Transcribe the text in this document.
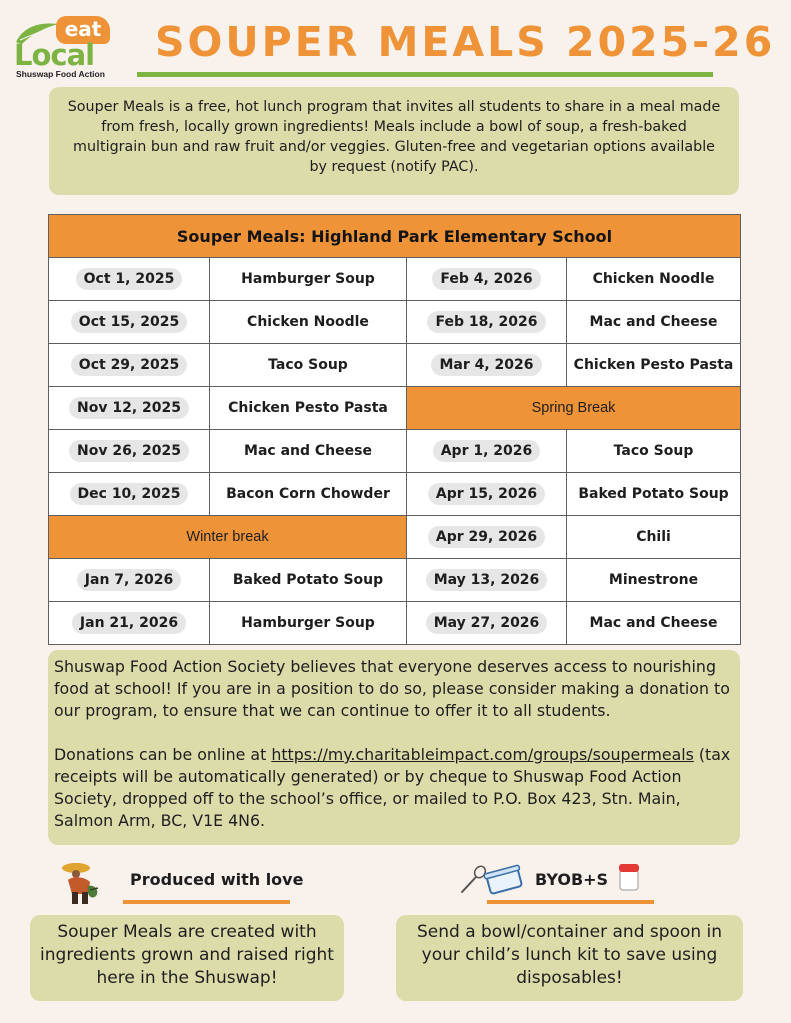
eat
Local
Shuswap Food Action
SOUPER MEALS 2025-26
Souper Meals is a free, hot lunch program that invites all students to share in a meal made from fresh, locally grown ingredients! Meals include a bowl of soup, a fresh-baked multigrain bun and raw fruit and/or veggies. Gluten-free and vegetarian options available by request (notify PAC).
Souper Meals: Highland Park Elementary School			
Oct 1, 2025	Hamburger Soup	Feb 4, 2026	Chicken Noodle
Oct 15, 2025	Chicken Noodle	Feb 18, 2026	Mac and Cheese
Oct 29, 2025	Taco Soup	Mar 4, 2026	Chicken Pesto Pasta
Nov 12, 2025	Chicken Pesto Pasta	Spring Break	
Nov 26, 2025	Mac and Cheese	Apr 1, 2026	Taco Soup
Dec 10, 2025	Bacon Corn Chowder	Apr 15, 2026	Baked Potato Soup
Winter break		Apr 29, 2026	Chili
Jan 7, 2026	Baked Potato Soup	May 13, 2026	Minestrone
Jan 21, 2026	Hamburger Soup	May 27, 2026	Mac and Cheese

Shuswap Food Action Society believes that everyone deserves access to nourishing food at school! If you are in a position to do so, please consider making a donation to our program, to ensure that we can continue to offer it to all students.

Donations can be online at https://my.charitableimpact.com/groups/soupermeals (tax receipts will be automatically generated) or by cheque to Shuswap Food Action Society, dropped off to the school’s office, or mailed to P.O. Box 423, Stn. Main, Salmon Arm, BC, V1E 4N6.

Produced with love
Souper Meals are created with ingredients grown and raised right here in the Shuswap!
BYOB+S
Send a bowl/container and spoon in your child’s lunch kit to save using disposables!
